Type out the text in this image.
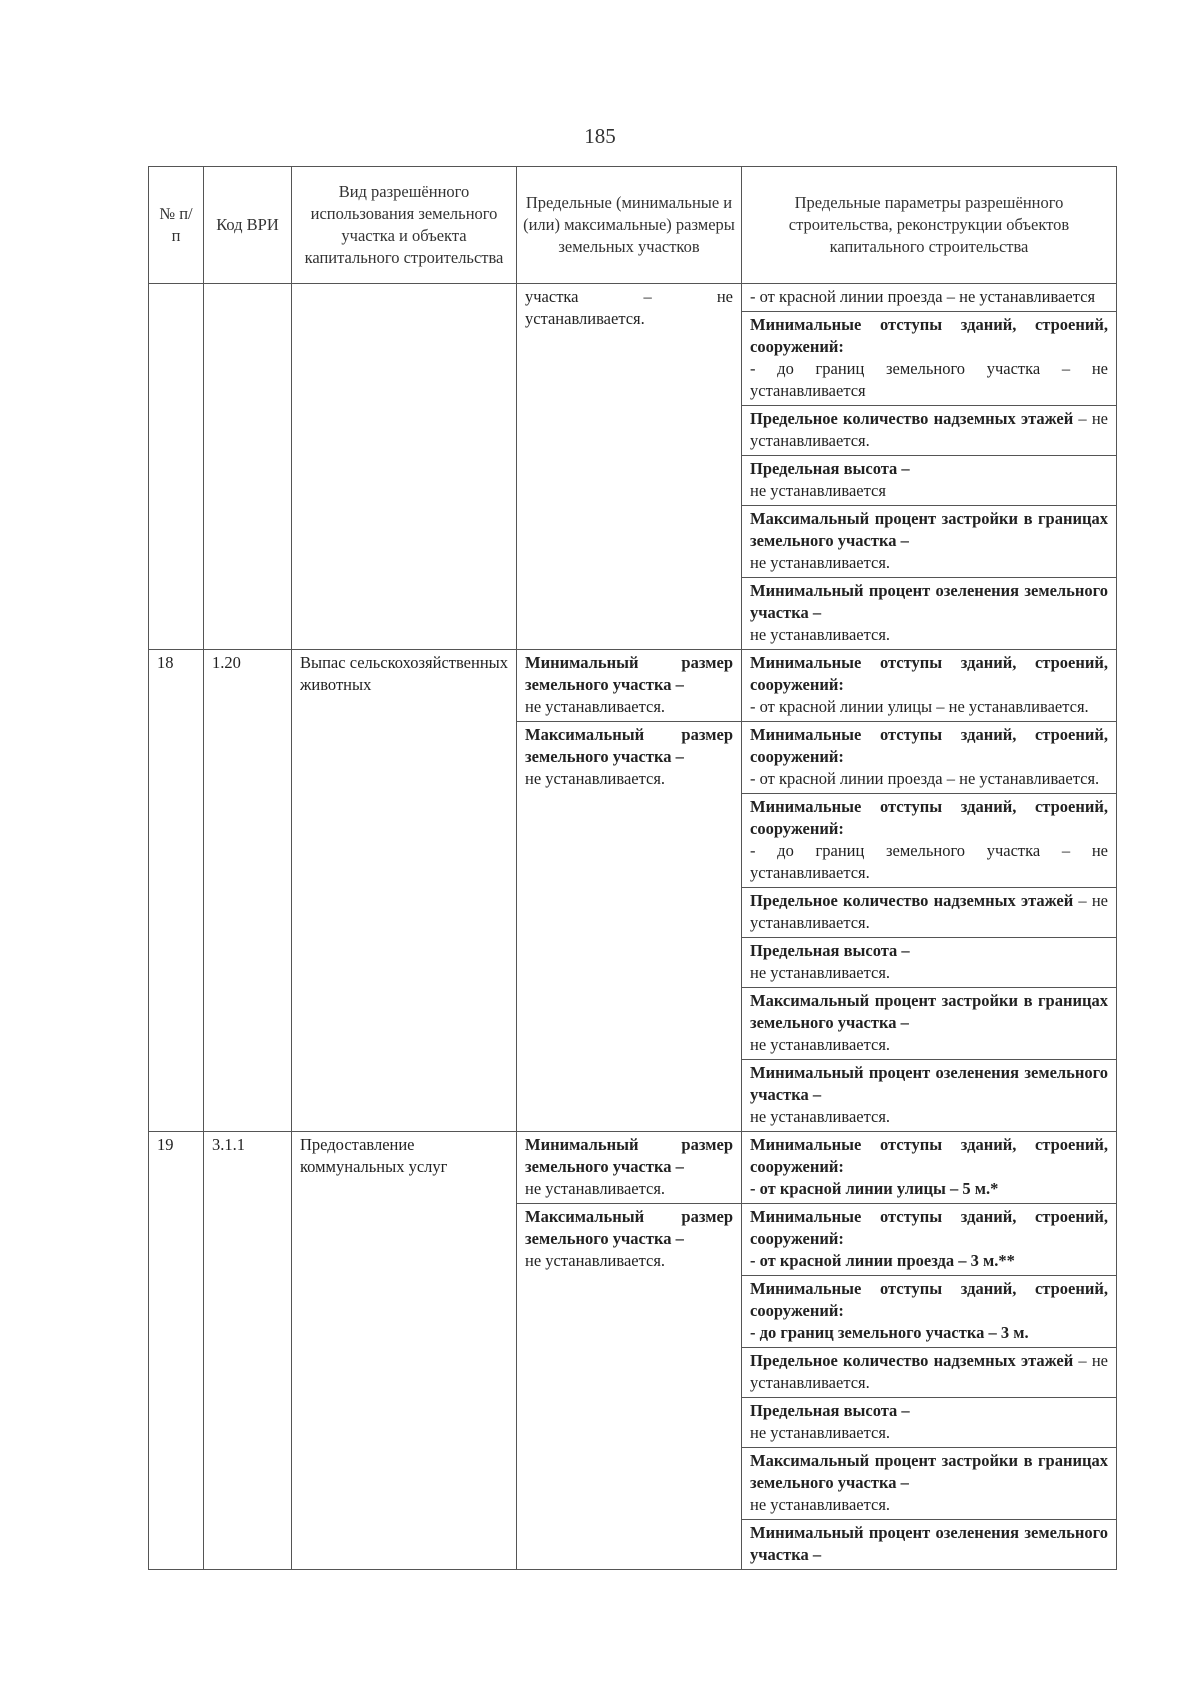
185
№ п/п	Код ВРИ	Вид разрешённого использования земельного участка и объекта капитального строительства	Предельные (минимальные и (или) максимальные) размеры земельных участков	Предельные параметры разрешённого строительства, реконструкции объектов капитального строительства
			участка – не устанавливается.	- от красной линии проезда – не устанавливается
				Минимальные отступы зданий, строений, сооружений:
- до границ земельного участка – не устанавливается
				Предельное количество надземных этажей – не устанавливается.
				Предельная высота –
не устанавливается
				Максимальный процент застройки в границах земельного участка –
не устанавливается.
				Минимальный процент озеленения земельного участка –
не устанавливается.
18	1.20	Выпас сельскохозяйственных животных	Минимальный размер земельного участка –
не устанавливается.	Минимальные отступы зданий, строений, сооружений:
- от красной линии улицы – не устанавливается.
			Максимальный размер земельного участка –
не устанавливается.	Минимальные отступы зданий, строений, сооружений:
- от красной линии проезда – не устанавливается.
				Минимальные отступы зданий, строений, сооружений:
- до границ земельного участка – не устанавливается.
				Предельное количество надземных этажей – не устанавливается.
				Предельная высота –
не устанавливается.
				Максимальный процент застройки в границах земельного участка –
не устанавливается.
				Минимальный процент озеленения земельного участка –
не устанавливается.
19	3.1.1	Предоставление коммунальных услуг	Минимальный размер земельного участка –
не устанавливается.	Минимальные отступы зданий, строений, сооружений:
- от красной линии улицы – 5 м.*
			Максимальный размер земельного участка –
не устанавливается.	Минимальные отступы зданий, строений, сооружений:
- от красной линии проезда – 3 м.**
				Минимальные отступы зданий, строений, сооружений:
- до границ земельного участка – 3 м.
				Предельное количество надземных этажей – не устанавливается.
				Предельная высота –
не устанавливается.
				Максимальный процент застройки в границах земельного участка –
не устанавливается.
				Минимальный процент озеленения земельного участка –
